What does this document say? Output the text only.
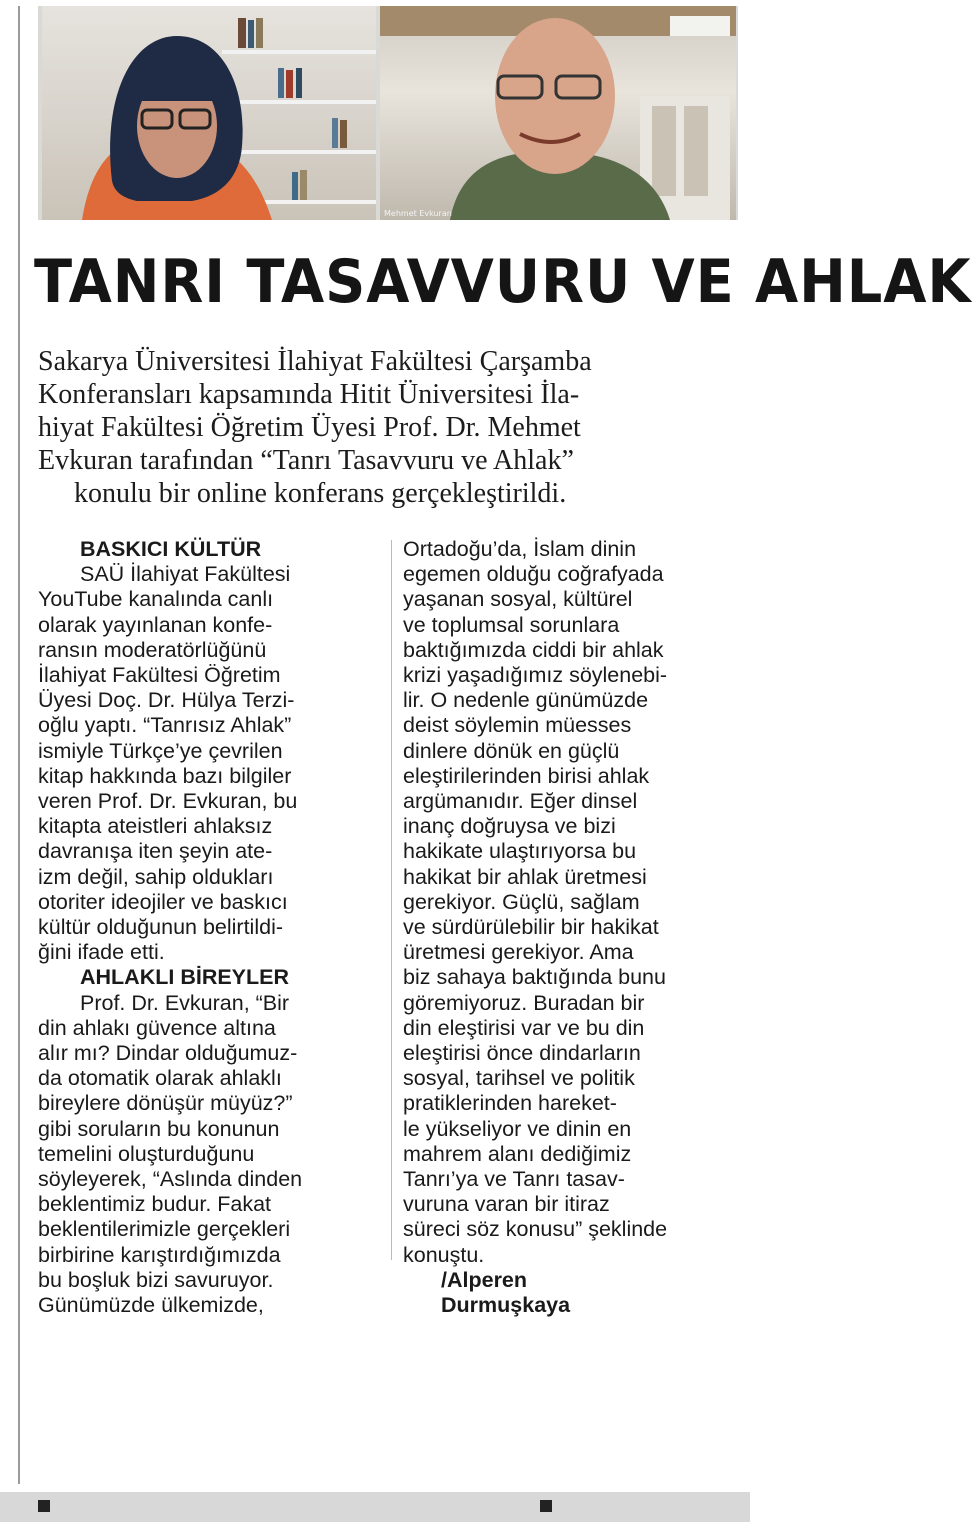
Mehmet Evkuran
TANRI TASAVVURU VE AHLAK
Sakarya Üniversitesi İlahiyat Fakültesi Çarşamba
Konferansları kapsamında Hitit Üniversitesi İla-
hiyat Fakültesi Öğretim Üyesi Prof. Dr. Mehmet
Evkuran tarafından “Tanrı Tasavvuru ve Ahlak”
konulu bir online konferans gerçekleştirildi.
BASKICI KÜLTÜR
SAÜ İlahiyat Fakültesi
YouTube kanalında canlı
olarak yayınlanan konfe-
ransın moderatörlüğünü
İlahiyat Fakültesi Öğretim
Üyesi Doç. Dr. Hülya Terzi-
oğlu yaptı. “Tanrısız Ahlak”
ismiyle Türkçe’ye çevrilen
kitap hakkında bazı bilgiler
veren Prof. Dr. Evkuran, bu
kitapta ateistleri ahlaksız
davranışa iten şeyin ate-
izm değil, sahip oldukları
otoriter ideojiler ve baskıcı
kültür olduğunun belirtildi-
ğini ifade etti.
AHLAKLI BİREYLER
Prof. Dr. Evkuran, “Bir
din ahlakı güvence altına
alır mı? Dindar olduğumuz-
da otomatik olarak ahlaklı
bireylere dönüşür müyüz?”
gibi soruların bu konunun
temelini oluşturduğunu
söyleyerek, “Aslında dinden
beklentimiz budur. Fakat
beklentilerimizle gerçekleri
birbirine karıştırdığımızda
bu boşluk bizi savuruyor.
Günümüzde ülkemizde,
Ortadoğu’da, İslam dinin
egemen olduğu coğrafyada
yaşanan sosyal, kültürel
ve toplumsal sorunlara
baktığımızda ciddi bir ahlak
krizi yaşadığımız söylenebi-
lir. O nedenle günümüzde
deist söylemin müesses
dinlere dönük en güçlü
eleştirilerinden birisi ahlak
argümanıdır. Eğer dinsel
inanç doğruysa ve bizi
hakikate ulaştırıyorsa bu
hakikat bir ahlak üretmesi
gerekiyor. Güçlü, sağlam
ve sürdürülebilir bir hakikat
üretmesi gerekiyor. Ama
biz sahaya baktığında bunu
göremiyoruz. Buradan bir
din eleştirisi var ve bu din
eleştirisi önce dindarların
sosyal, tarihsel ve politik
pratiklerinden hareket-
le yükseliyor ve dinin en
mahrem alanı dediğimiz
Tanrı’ya ve Tanrı tasav-
vuruna varan bir itiraz
süreci söz konusu” şeklinde
konuştu.
/Alperen
Durmuşkaya
